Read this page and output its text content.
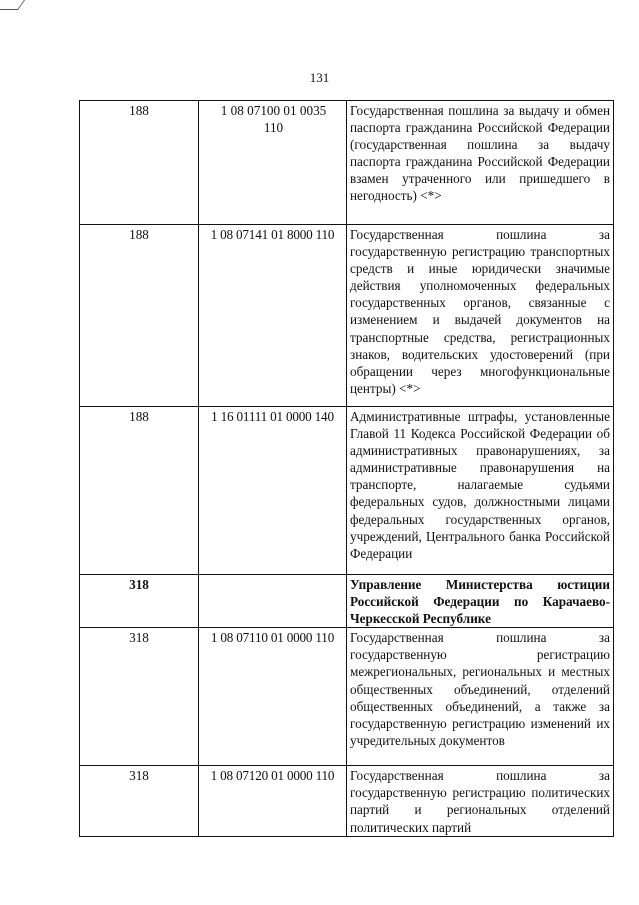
131
188	1 08 07100 01 0035 110	Государственная пошлина за выдачу и обмен паспорта гражданина Российской Федерации (государственная пошлина за выдачу паспорта гражданина Российской Федерации взамен утраченного или пришедшего в негодность) <*>
188	1 08 07141 01 8000 110	Государственная пошлина за государственную регистрацию транспортных средств и иные юридически значимые действия уполномоченных федеральных государственных органов, связанные с изменением и выдачей документов на транспортные средства, регистрационных знаков, водительских удостоверений (при обращении через многофункциональные центры) <*>
188	1 16 01111 01 0000 140	Административные штрафы, установленные Главой 11 Кодекса Российской Федерации об административных правонарушениях, за административные правонарушения на транспорте, налагаемые судьями федеральных судов, должностными лицами федеральных государственных органов, учреждений, Центрального банка Российской Федерации
318		Управление Министерства юстиции Российской Федерации по Карачаево-Черкесской Республике
318	1 08 07110 01 0000 110	Государственная пошлина за государственную регистрацию межрегиональных, региональных и местных общественных объединений, отделений общественных объединений, а также за государственную регистрацию изменений их учредительных документов
318	1 08 07120 01 0000 110	Государственная пошлина за государственную регистрацию политических партий и региональных отделений политических партий
